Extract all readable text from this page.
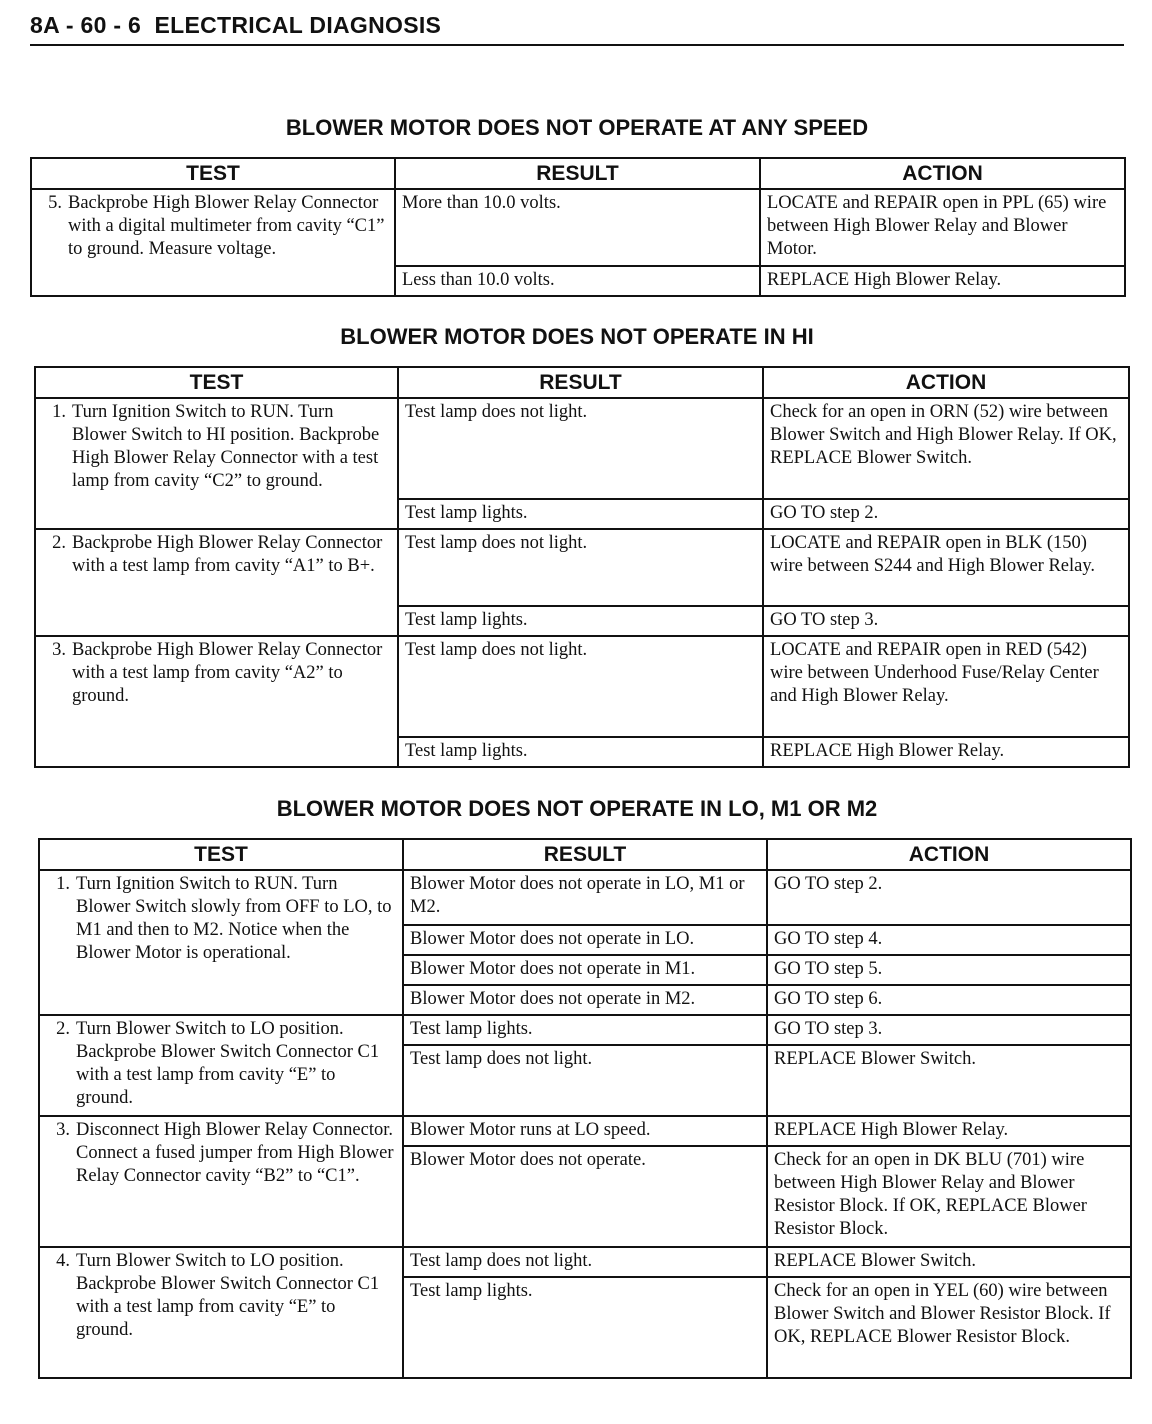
8A - 60 - 6  ELECTRICAL DIAGNOSIS
BLOWER MOTOR DOES NOT OPERATE AT ANY SPEED
TEST	RESULT	ACTION

5. Backprobe High Blower Relay Connector with a digital multimeter from cavity “C1” to ground. Measure voltage.	More than 10.0 volts.	LOCATE and REPAIR open in PPL (65) wire between High Blower Relay and Blower Motor.
	Less than 10.0 volts.	REPLACE High Blower Relay.
BLOWER MOTOR DOES NOT OPERATE IN HI
TEST	RESULT	ACTION

1. Turn Ignition Switch to RUN. Turn Blower Switch to HI position. Backprobe High Blower Relay Connector with a test lamp from cavity “C2” to ground.	Test lamp does not light.	Check for an open in ORN (52) wire between Blower Switch and High Blower Relay. If OK, REPLACE Blower Switch.
	Test lamp lights.	GO TO step 2.

2. Backprobe High Blower Relay Connector with a test lamp from cavity “A1” to B+.	Test lamp does not light.	LOCATE and REPAIR open in BLK (150) wire between S244 and High Blower Relay.
	Test lamp lights.	GO TO step 3.

3. Backprobe High Blower Relay Connector with a test lamp from cavity “A2” to ground.	Test lamp does not light.	LOCATE and REPAIR open in RED (542) wire between Underhood Fuse/Relay Center and High Blower Relay.
	Test lamp lights.	REPLACE High Blower Relay.
BLOWER MOTOR DOES NOT OPERATE IN LO, M1 OR M2
TEST	RESULT	ACTION

1. Turn Ignition Switch to RUN. Turn Blower Switch slowly from OFF to LO, to M1 and then to M2. Notice when the Blower Motor is operational.	Blower Motor does not operate in LO, M1 or M2.	GO TO step 2.
	Blower Motor does not operate in LO.	GO TO step 4.
	Blower Motor does not operate in M1.	GO TO step 5.
	Blower Motor does not operate in M2.	GO TO step 6.

2. Turn Blower Switch to LO position. Backprobe Blower Switch Connector C1 with a test lamp from cavity “E” to ground.	Test lamp lights.	GO TO step 3.
	Test lamp does not light.	REPLACE Blower Switch.

3. Disconnect High Blower Relay Connector. Connect a fused jumper from High Blower Relay Connector cavity “B2” to “C1”.	Blower Motor runs at LO speed.	REPLACE High Blower Relay.
	Blower Motor does not operate.	Check for an open in DK BLU (701) wire between High Blower Relay and Blower Resistor Block. If OK, REPLACE Blower Resistor Block.

4. Turn Blower Switch to LO position. Backprobe Blower Switch Connector C1 with a test lamp from cavity “E” to ground.	Test lamp does not light.	REPLACE Blower Switch.
	Test lamp lights.	Check for an open in YEL (60) wire between Blower Switch and Blower Resistor Block. If OK, REPLACE Blower Resistor Block.
